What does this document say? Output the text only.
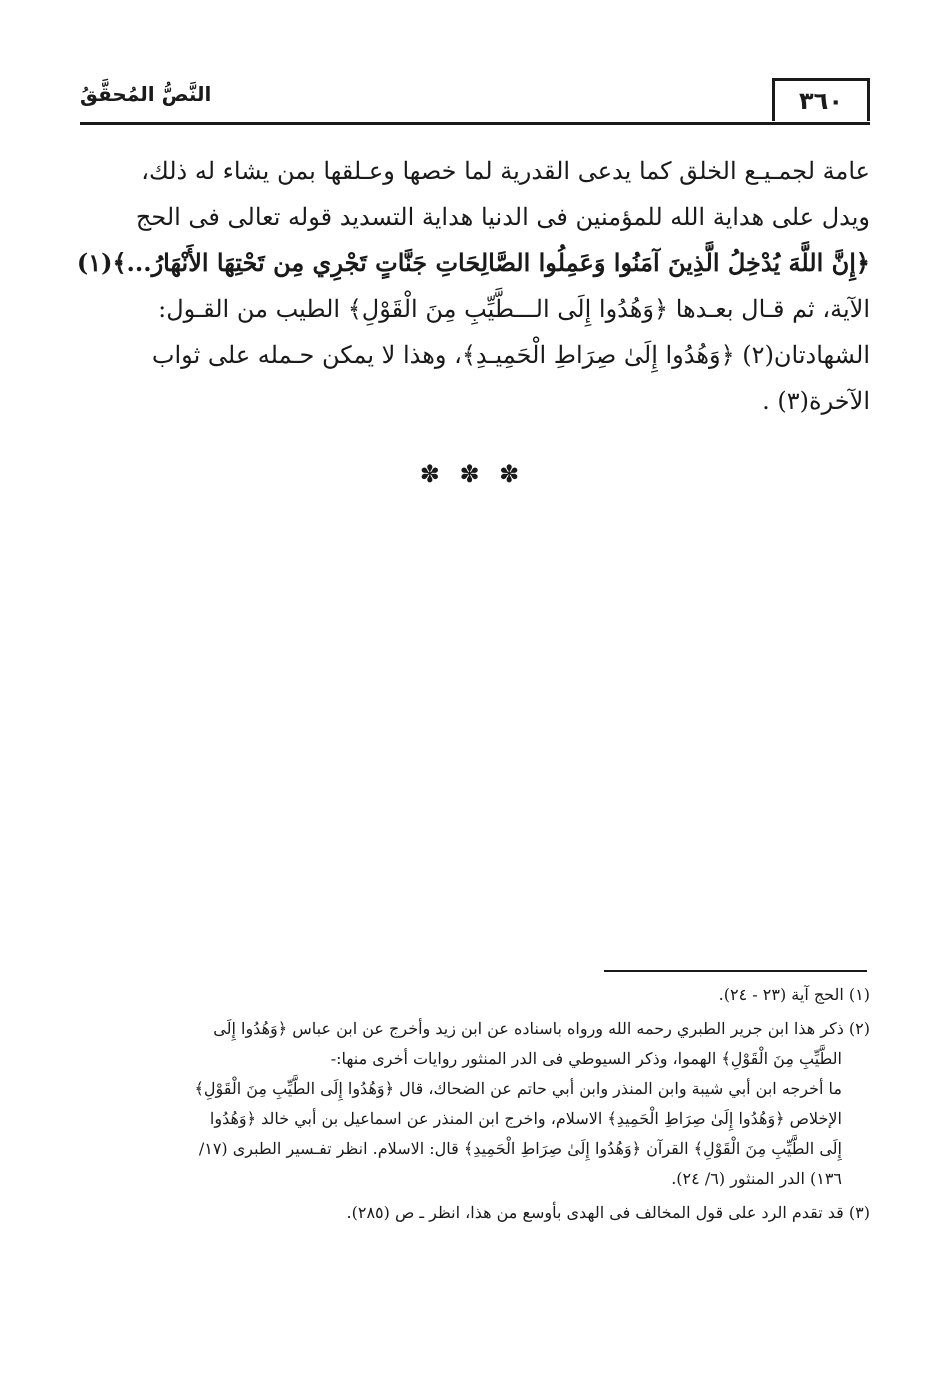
٣٦٠
النَّصُّ المُحقَّقُ
عامة لجمـيـع الخلق كما يدعى القدرية لما خصها وعـلقها بمن يشاء له ذلك،
ويدل على هداية الله للمؤمنين فى الدنيا هداية التسديد قوله تعالى فى الحج
﴿إِنَّ اللَّهَ يُدْخِلُ الَّذِينَ آمَنُوا وَعَمِلُوا الصَّالِحَاتِ جَنَّاتٍ تَجْرِي مِن تَحْتِهَا الأَنْهَارُ...﴾(١)
الآية، ثم قـال بعـدها ﴿وَهُدُوا إِلَى الـــطَّيِّبِ مِنَ الْقَوْلِ﴾ الطيب من القـول:
الشهادتان(٢) ﴿وَهُدُوا إِلَىٰ صِرَاطِ الْحَمِيـدِ﴾، وهذا لا يمكن حـمله على ثواب
الآخرة(٣) .
✽ ✽ ✽
(١) الحج آية (٢٣ - ٢٤).
(٢) ذكر هذا ابن جرير الطبري رحمه الله ورواه باسناده عن ابن زيد وأخرج عن ابن عباس ﴿وَهُدُوا إِلَى
الطَّيِّبِ مِنَ الْقَوْلِ﴾ الهموا، وذكر السيوطي فى الدر المنثور روايات أخرى منها:-
ما أخرجه ابن أبي شيبة وابن المنذر وابن أبي حاتم عن الضحاك، قال ﴿وَهُدُوا إِلَى الطَّيِّبِ مِنَ الْقَوْلِ﴾
الإخلاص ﴿وَهُدُوا إِلَىٰ صِرَاطِ الْحَمِيدِ﴾ الاسلام، واخرج ابن المنذر عن اسماعيل بن أبي خالد ﴿وَهُدُوا
إِلَى الطَّيِّبِ مِنَ الْقَوْلِ﴾ القرآن ﴿وَهُدُوا إِلَىٰ صِرَاطِ الْحَمِيدِ﴾ قال: الاسلام. انظر تفـسير الطبرى (١٧/
١٣٦) الدر المنثور (٦/ ٢٤).
(٣) قد تقدم الرد على قول المخالف فى الهدى بأوسع من هذا، انظر ـ ص (٢٨٥).
